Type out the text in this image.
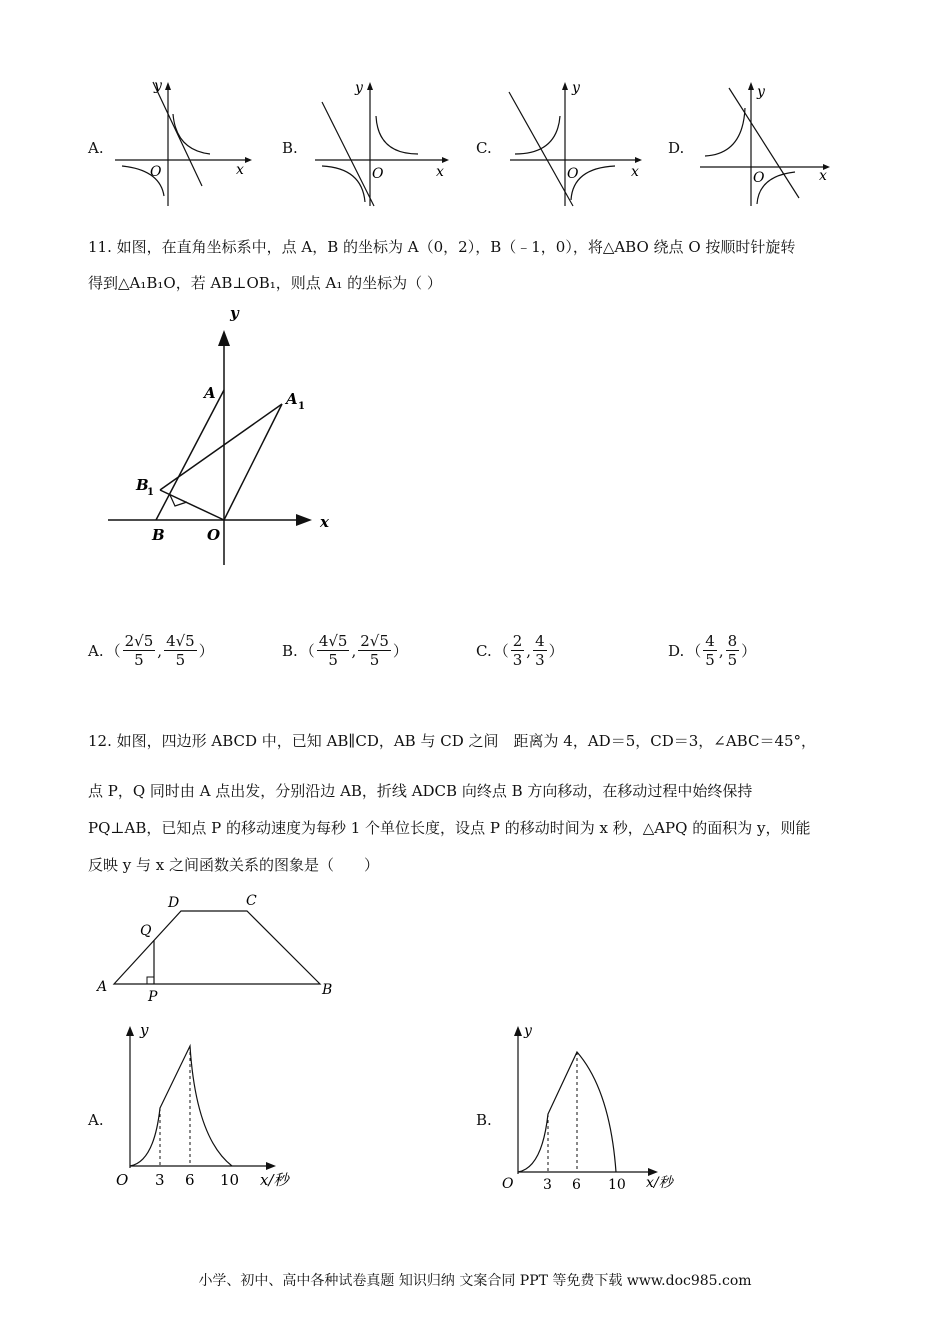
A.
y
x
O
B.
y
x
O
C.
y
x
O
D.
y
x
O
11. 如图，在直角坐标系中，点 A，B 的坐标为 A（0，2），B（﹣1，0），将△ABO 绕点 O 按顺时针旋转
得到△A₁B₁O，若 AB⊥OB₁，则点 A₁ 的坐标为（ ）
y
x
A	A 1
B
1
B	O
A. （ $\frac{2√5}{5}$ , $\frac{4√5}{5}$ ）	B. （ $\frac{4√5}{5}$ , $\frac{2√5}{5}$ ）	C. （ $\frac{2}{3}$ , $\frac{4}{3}$ ）	D. （ $\frac{4}{5}$ , $\frac{8}{5}$ ）
12. 如图，四边形 ABCD 中，已知 AB∥CD，AB 与 CD 之间　距离为 4，AD＝5，CD＝3，∠ABC＝45°，
点 P，Q 同时由 A 点出发，分别沿边 AB，折线 ADCB 向终点 B 方向移动，在移动过程中始终保持
PQ⊥AB，已知点 P 的移动速度为每秒 1 个单位长度，设点 P 的移动时间为 x 秒，△APQ 的面积为 y，则能
反映 y 与 x 之间函数关系的图象是（　　）
A	B
C
D
P
Q
A.
y
O 3 6 10 x/秒
B.
y
O 3 6 10 x/秒
小学、初中、高中各种试卷真题 知识归纳 文案合同 PPT 等免费下载 www.doc985.com
